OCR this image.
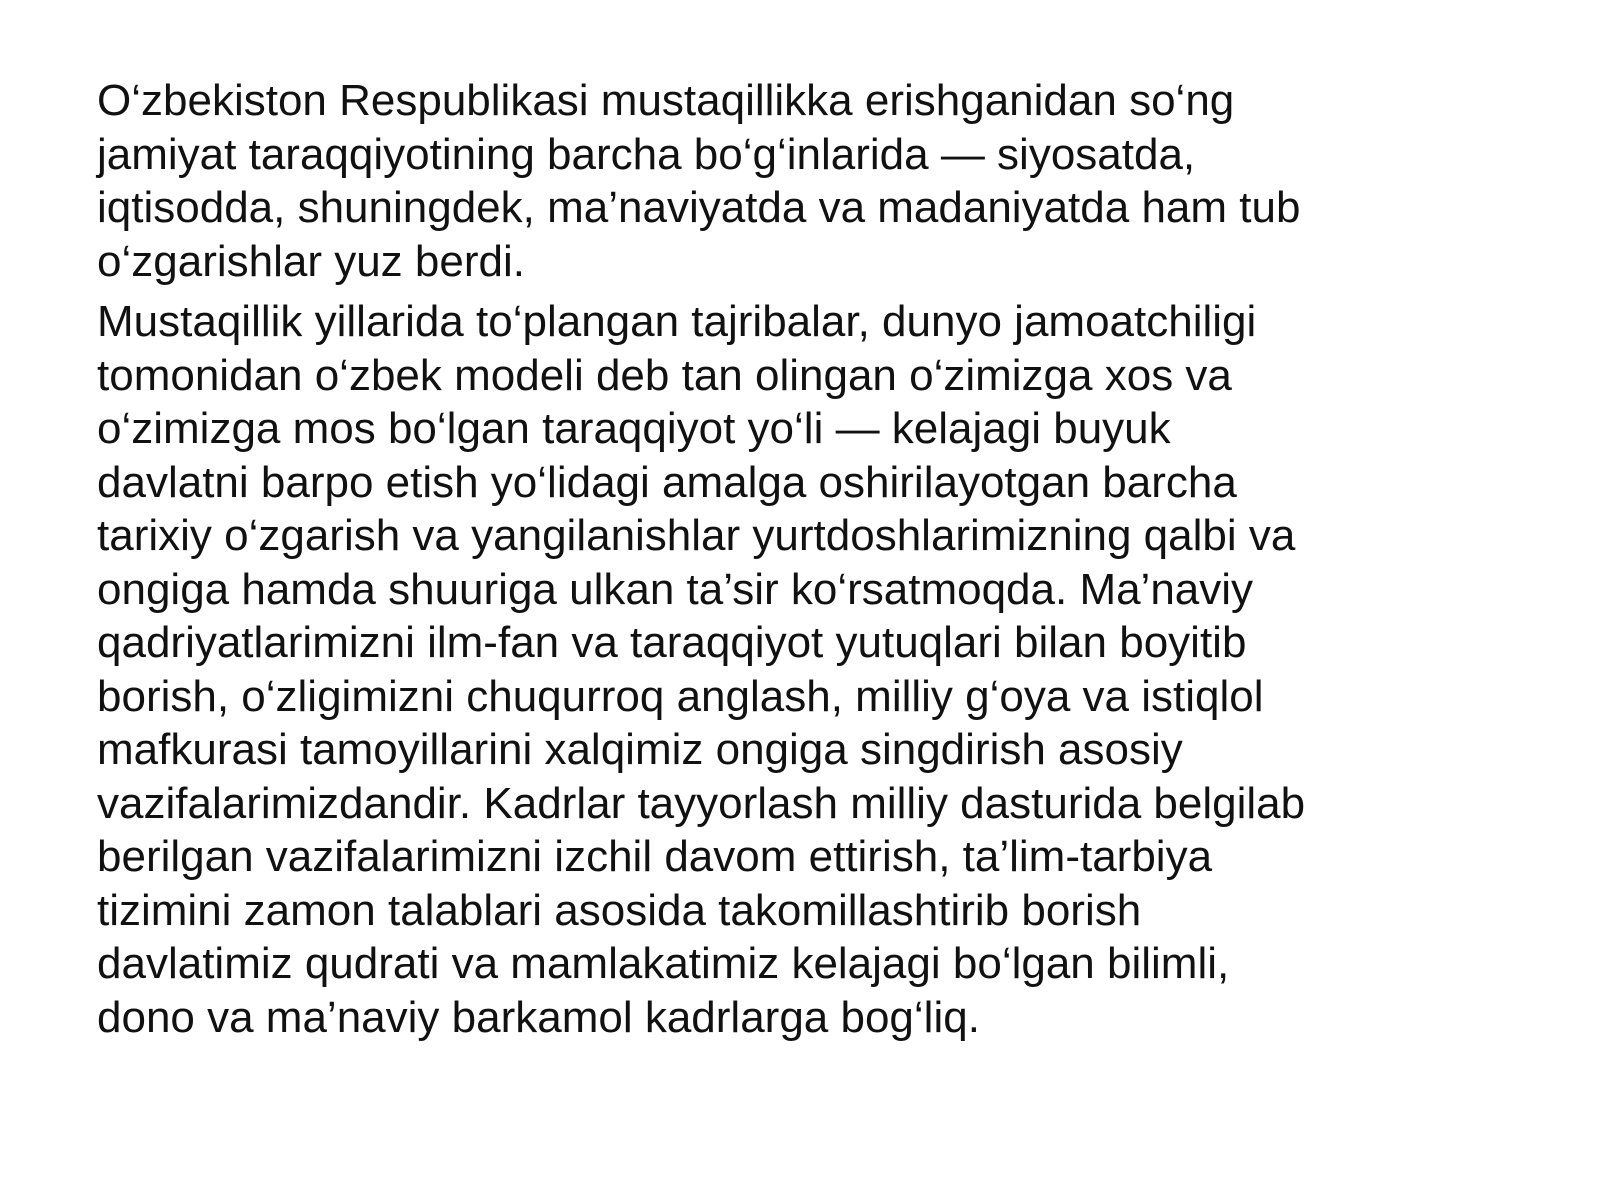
O‘zbekiston Respublikasi mustaqillikka erishganidan so‘ng
jamiyat taraqqiyotining barcha bo‘g‘inlarida — siyosatda,
iqtisodda, shuningdek, ma’naviyatda va madaniyatda ham tub
o‘zgarishlar yuz berdi.

Mustaqillik yillarida to‘plangan tajribalar, dunyo jamoatchiligi
tomonidan o‘zbek modeli deb tan olingan o‘zimizga xos va
o‘zimizga mos bo‘lgan taraqqiyot yo‘li — kelajagi buyuk
davlatni barpo etish yo‘lidagi amalga oshirilayotgan barcha
tarixiy o‘zgarish va yangilanishlar yurtdoshlarimizning qalbi va
ongiga hamda shuuriga ulkan ta’sir ko‘rsatmoqda. Ma’naviy
qadriyatlarimizni ilm-fan va taraqqiyot yutuqlari bilan boyitib
borish, o‘zligimizni chuqurroq anglash, milliy g‘oya va istiqlol
mafkurasi tamoyillarini xalqimiz ongiga singdirish asosiy
vazifalarimizdandir. Kadrlar tayyorlash milliy dasturida belgilab
berilgan vazifalarimizni izchil davom ettirish, ta’lim-tarbiya
tizimini zamon talablari asosida takomillashtirib borish
davlatimiz qudrati va mamlakatimiz kelajagi bo‘lgan bilimli,
dono va ma’naviy barkamol kadrlarga bog‘liq.
